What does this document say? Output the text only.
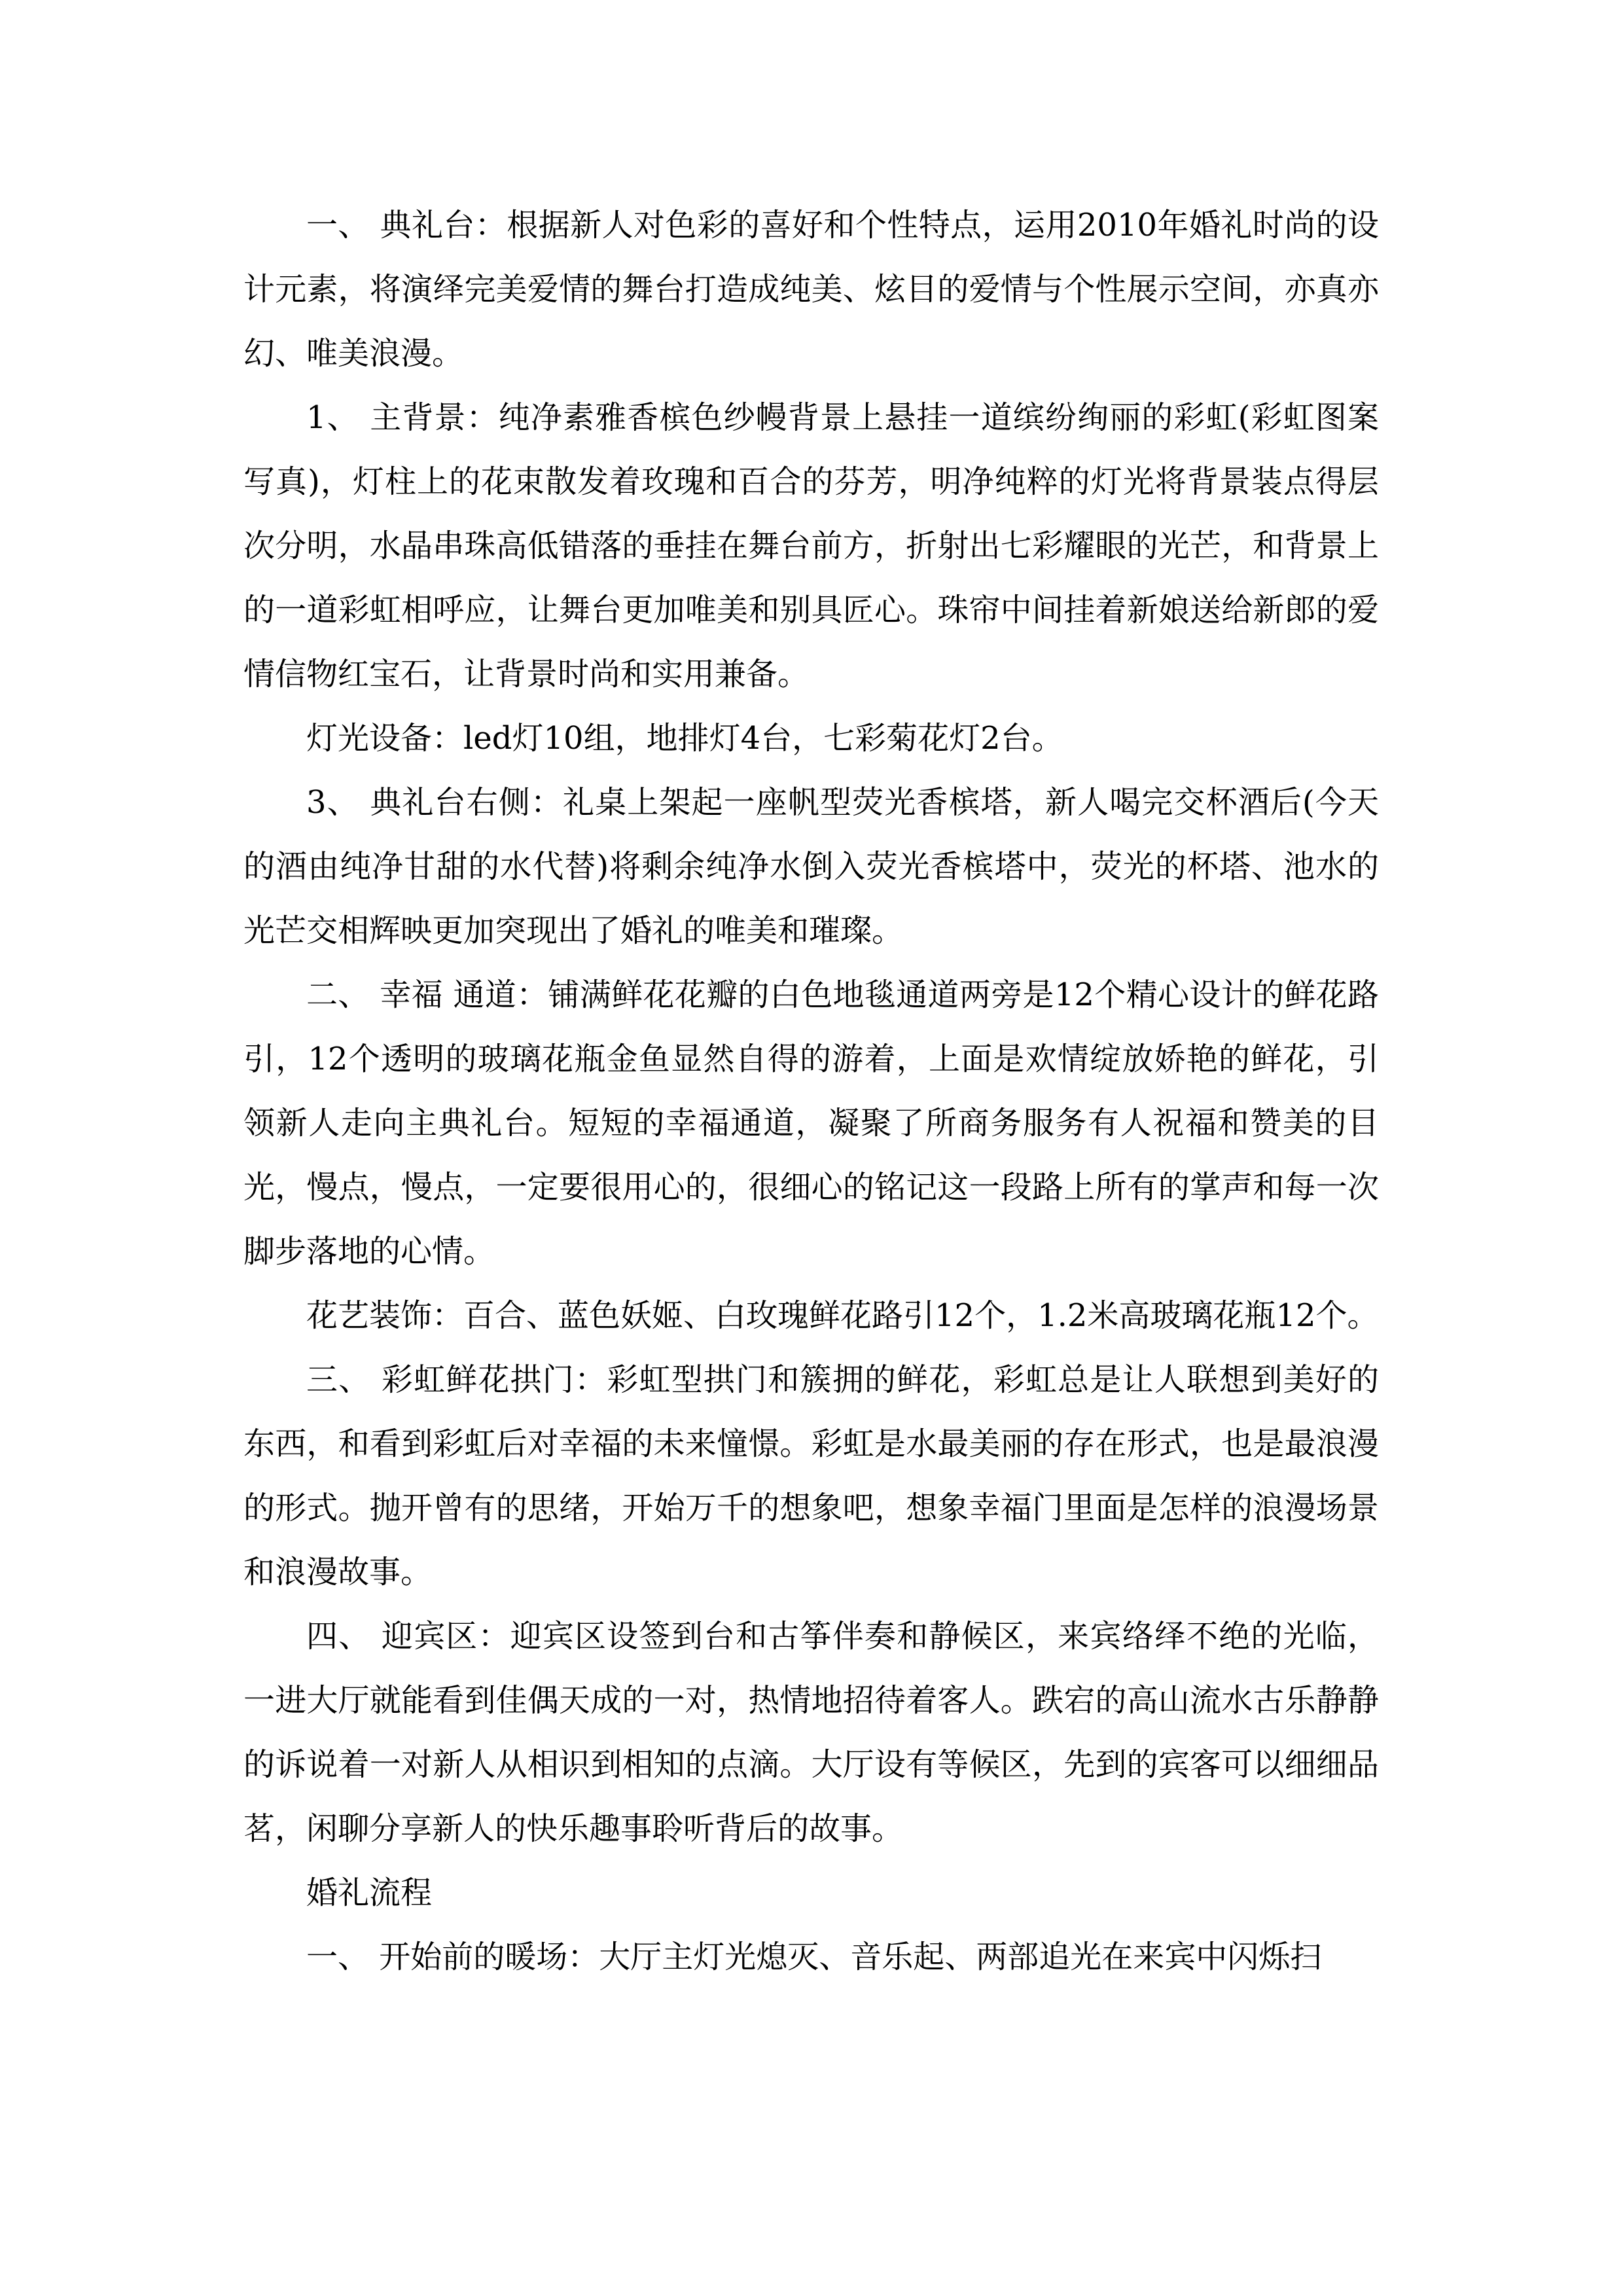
一、 典礼台：根据新人对色彩的喜好和个性特点，运用2010年婚礼时尚的设计元素，将演绎完美爱情的舞台打造成纯美、炫目的爱情与个性展示空间，亦真亦幻、唯美浪漫。

1、 主背景：纯净素雅香槟色纱幔背景上悬挂一道缤纷绚丽的彩虹(彩虹图案写真)，灯柱上的花束散发着玫瑰和百合的芬芳，明净纯粹的灯光将背景装点得层次分明，水晶串珠高低错落的垂挂在舞台前方，折射出七彩耀眼的光芒，和背景上的一道彩虹相呼应，让舞台更加唯美和别具匠心。珠帘中间挂着新娘送给新郎的爱情信物红宝石，让背景时尚和实用兼备。

灯光设备：led灯10组，地排灯4台，七彩菊花灯2台。

3、 典礼台右侧：礼桌上架起一座帆型荧光香槟塔，新人喝完交杯酒后(今天的酒由纯净甘甜的水代替)将剩余纯净水倒入荧光香槟塔中，荧光的杯塔、池水的光芒交相辉映更加突现出了婚礼的唯美和璀璨。

二、 幸福 通道：铺满鲜花花瓣的白色地毯通道两旁是12个精心设计的鲜花路引，12个透明的玻璃花瓶金鱼显然自得的游着，上面是欢情绽放娇艳的鲜花，引领新人走向主典礼台。短短的幸福通道，凝聚了所商务服务有人祝福和赞美的目光，慢点，慢点，一定要很用心的，很细心的铭记这一段路上所有的掌声和每一次脚步落地的心情。

花艺装饰：百合、蓝色妖姬、白玫瑰鲜花路引12个，1.2米高玻璃花瓶12个。

三、 彩虹鲜花拱门：彩虹型拱门和簇拥的鲜花，彩虹总是让人联想到美好的东西，和看到彩虹后对幸福的未来憧憬。彩虹是水最美丽的存在形式，也是最浪漫的形式。抛开曾有的思绪，开始万千的想象吧，想象幸福门里面是怎样的浪漫场景和浪漫故事。

四、 迎宾区：迎宾区设签到台和古筝伴奏和静候区，来宾络绎不绝的光临，一进大厅就能看到佳偶天成的一对，热情地招待着客人。跌宕的高山流水古乐静静的诉说着一对新人从相识到相知的点滴。大厅设有等候区，先到的宾客可以细细品茗，闲聊分享新人的快乐趣事聆听背后的故事。

婚礼流程

一、 开始前的暖场：大厅主灯光熄灭、音乐起、两部追光在来宾中闪烁扫
